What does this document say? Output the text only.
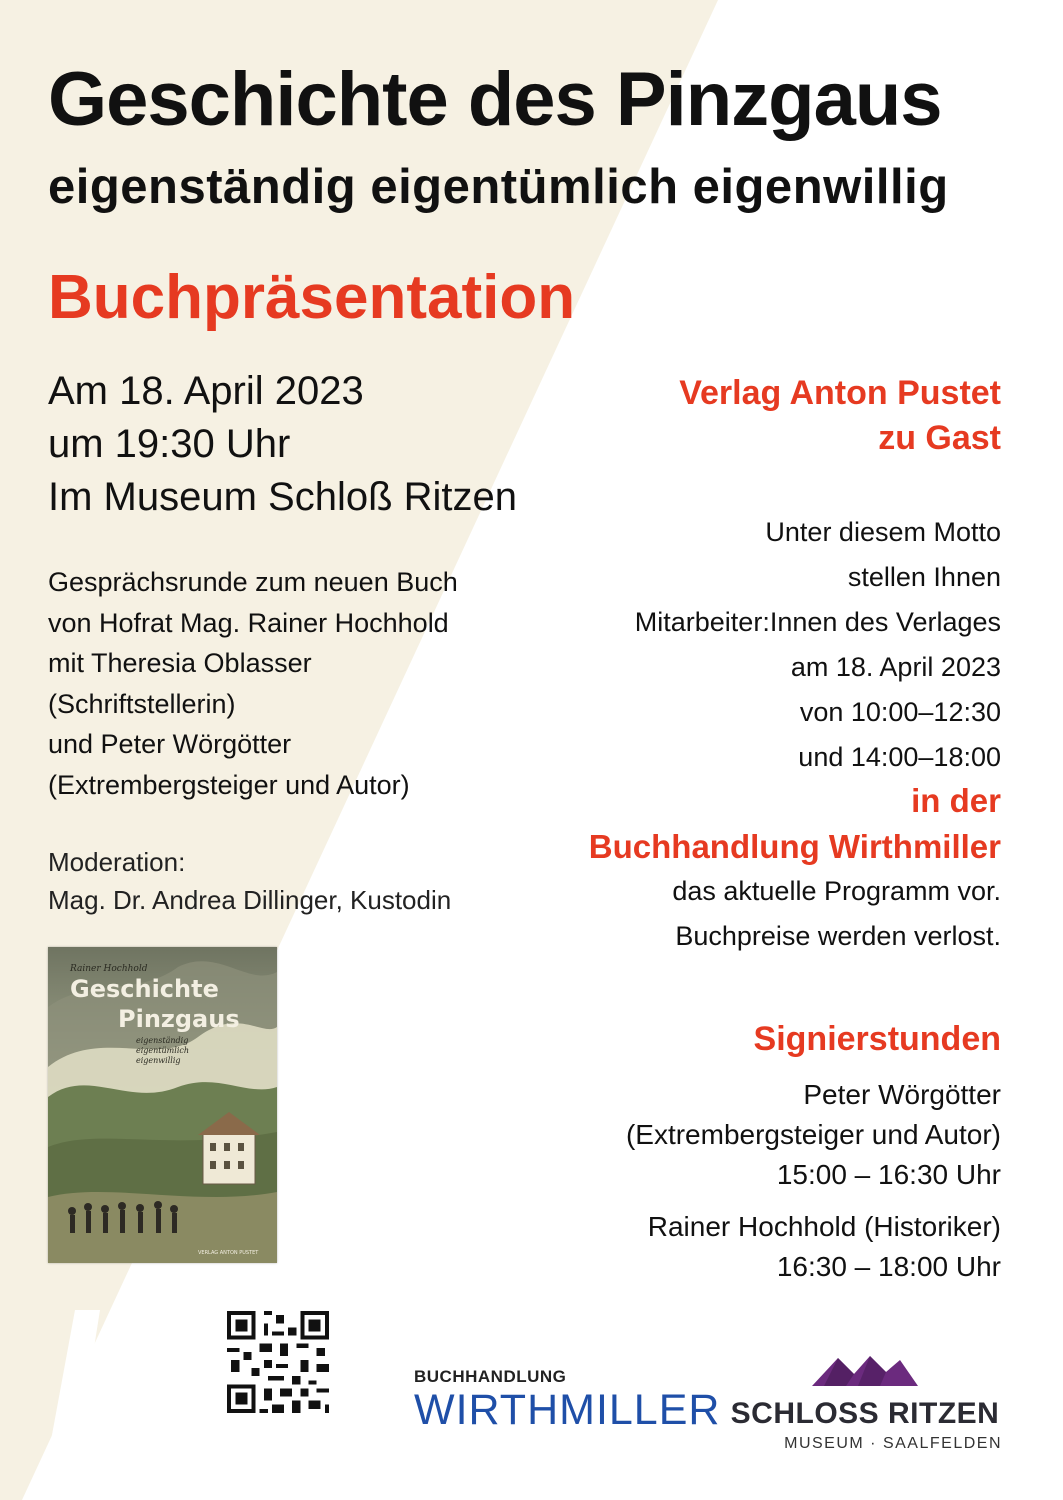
Geschichte des Pinzgaus
eigenständig eigentümlich eigenwillig
Buchpräsentation
Am 18. April 2023
um 19:30 Uhr
Im Museum Schloß Ritzen
Gesprächsrunde zum neuen Buch
von Hofrat Mag. Rainer Hochhold
mit Theresia Oblasser
(Schriftstellerin)
und Peter Wörgötter
(Extrembergsteiger und Autor)
Moderation:
Mag. Dr. Andrea Dillinger, Kustodin
Rainer Hochhold
Geschichte
Pinzgaus
eigenständig
eigentümlich
eigenwillig
VERLAG ANTON PUSTET
Verlag Anton Pustet
zu Gast
Unter diesem Motto
stellen Ihnen
Mitarbeiter:Innen des Verlages
am 18. April 2023
von 10:00–12:30
und 14:00–18:00
in der
Buchhandlung Wirthmiller
das aktuelle Programm vor.
Buchpreise werden verlost.
Signierstunden
Peter Wörgötter
(Extrembergsteiger und Autor)
15:00 – 16:30 Uhr
Rainer Hochhold (Historiker)
16:30 – 18:00 Uhr
BUCHHANDLUNG
WIRTHMILLER SCHLOSS RITZEN
MUSEUM · SAALFELDEN
